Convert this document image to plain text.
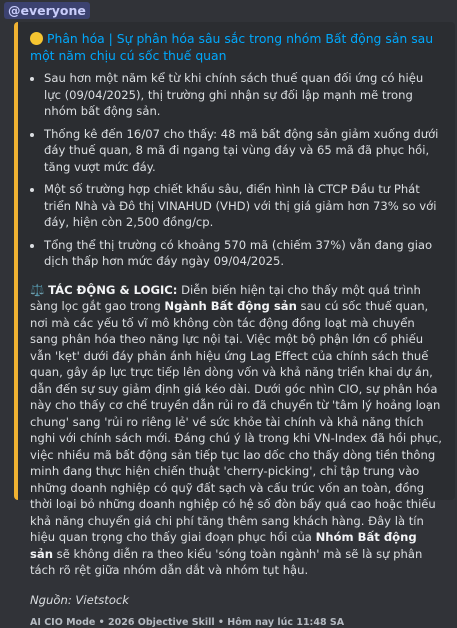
@everyone
Phân hóa | Sự phân hóa sâu sắc trong nhóm Bất động sản sau một năm chịu cú sốc thuế quan
• Sau hơn một năm kể từ khi chính sách thuế quan đối ứng có hiệu lực (09/04/2025), thị trường ghi nhận sự đối lập mạnh mẽ trong nhóm bất động sản.
• Thống kê đến 16/07 cho thấy: 48 mã bất động sản giảm xuống dưới đáy thuế quan, 8 mã đi ngang tại vùng đáy và 65 mã đã phục hồi, tăng vượt mức đáy.
• Một số trường hợp chiết khấu sâu, điển hình là CTCP Đầu tư Phát triển Nhà và Đô thị VINAHUD (VHD) với thị giá giảm hơn 73% so với đáy, hiện còn 2,500 đồng/cp.
• Tổng thể thị trường có khoảng 570 mã (chiếm 37%) vẫn đang giao dịch thấp hơn mức đáy ngày 09/04/2025.
⚖️ TÁC ĐỘNG & LOGIC: Diễn biến hiện tại cho thấy một quá trình sàng lọc gắt gao trong Ngành Bất động sản sau cú sốc thuế quan, nơi mà các yếu tố vĩ mô không còn tác động đồng loạt mà chuyển sang phân hóa theo năng lực nội tại. Việc một bộ phận lớn cổ phiếu vẫn 'kẹt' dưới đáy phản ánh hiệu ứng Lag Effect của chính sách thuế quan, gây áp lực trực tiếp lên dòng vốn và khả năng triển khai dự án, dẫn đến sự suy giảm định giá kéo dài. Dưới góc nhìn CIO, sự phân hóa này cho thấy cơ chế truyền dẫn rủi ro đã chuyển từ 'tâm lý hoảng loạn chung' sang 'rủi ro riêng lẻ' về sức khỏe tài chính và khả năng thích nghi với chính sách mới. Đáng chú ý là trong khi VN-Index đã hồi phục, việc nhiều mã bất động sản tiếp tục lao dốc cho thấy dòng tiền thông minh đang thực hiện chiến thuật 'cherry-picking', chỉ tập trung vào những doanh nghiệp có quỹ đất sạch và cấu trúc vốn an toàn, đồng thời loại bỏ những doanh nghiệp có hệ số đòn bẩy quá cao hoặc thiếu khả năng chuyển giá chi phí tăng thêm sang khách hàng. Đây là tín hiệu quan trọng cho thấy giai đoạn phục hồi của Nhóm Bất động sản sẽ không diễn ra theo kiểu 'sóng toàn ngành' mà sẽ là sự phân tách rõ rệt giữa nhóm dẫn dắt và nhóm tụt hậu.
Nguồn: Vietstock
AI CIO Mode • 2026 Objective Skill • Hôm nay lúc 11:48 SA
